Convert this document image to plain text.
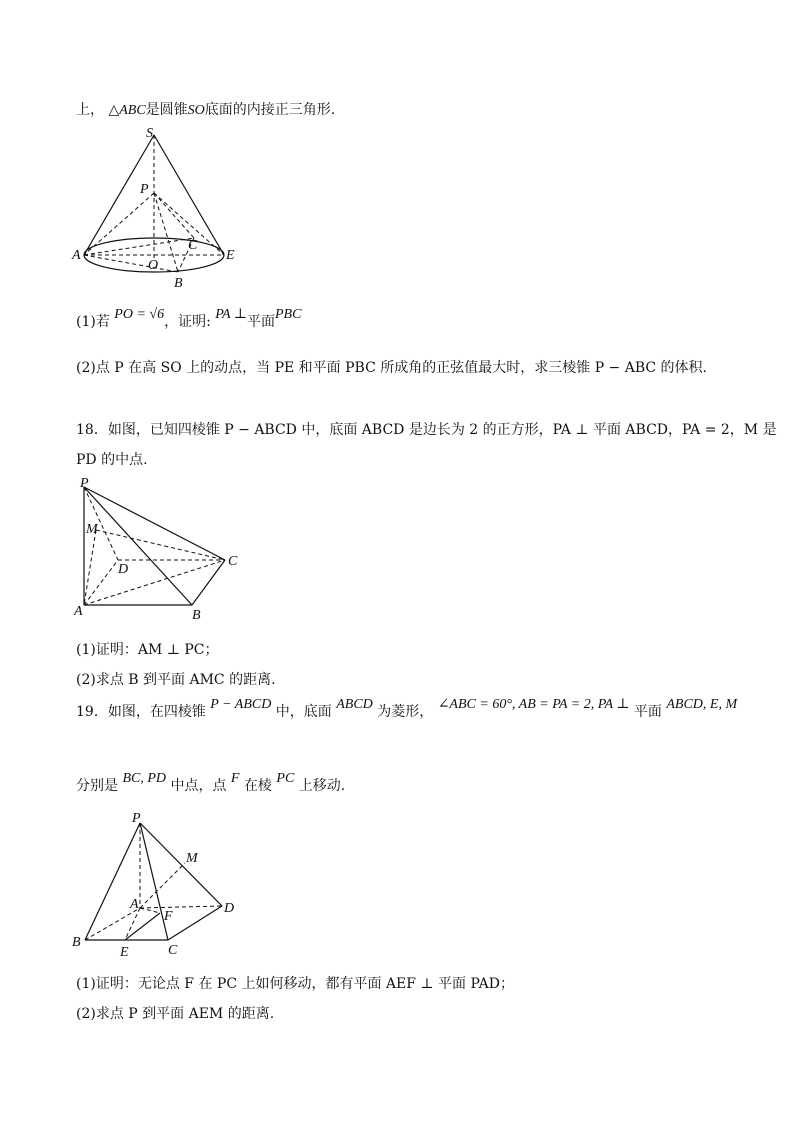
上， △ABC是圆锥SO底面的内接正三角形.
S
P
C
A
O
E
B
(1)若 PO = √6，证明: PA ⊥平面PBC
(2)点 P 在高 SO 上的动点，当 PE 和平面 PBC 所成角的正弦值最大时，求三棱锥 P − ABC 的体积.
18．如图，已知四棱锥 P − ABCD 中，底面 ABCD 是边长为 2 的正方形，PA ⊥ 平面 ABCD，PA = 2，M 是
PD 的中点.
P
M
D
C
A	B
(1)证明：AM ⊥ PC；
(2)求点 B 到平面 AMC 的距离.
19．如图，在四棱锥 P − ABCD 中，底面 ABCD 为菱形， ∠ABC = 60°, AB = PA = 2, PA ⊥ 平面 ABCD, E, M
分别是 BC, PD 中点，点 F 在棱 PC 上移动.
P
M
A
F
D
B
E	C
(1)证明：无论点 F 在 PC 上如何移动，都有平面 AEF ⊥ 平面 PAD；
(2)求点 P 到平面 AEM 的距离.
